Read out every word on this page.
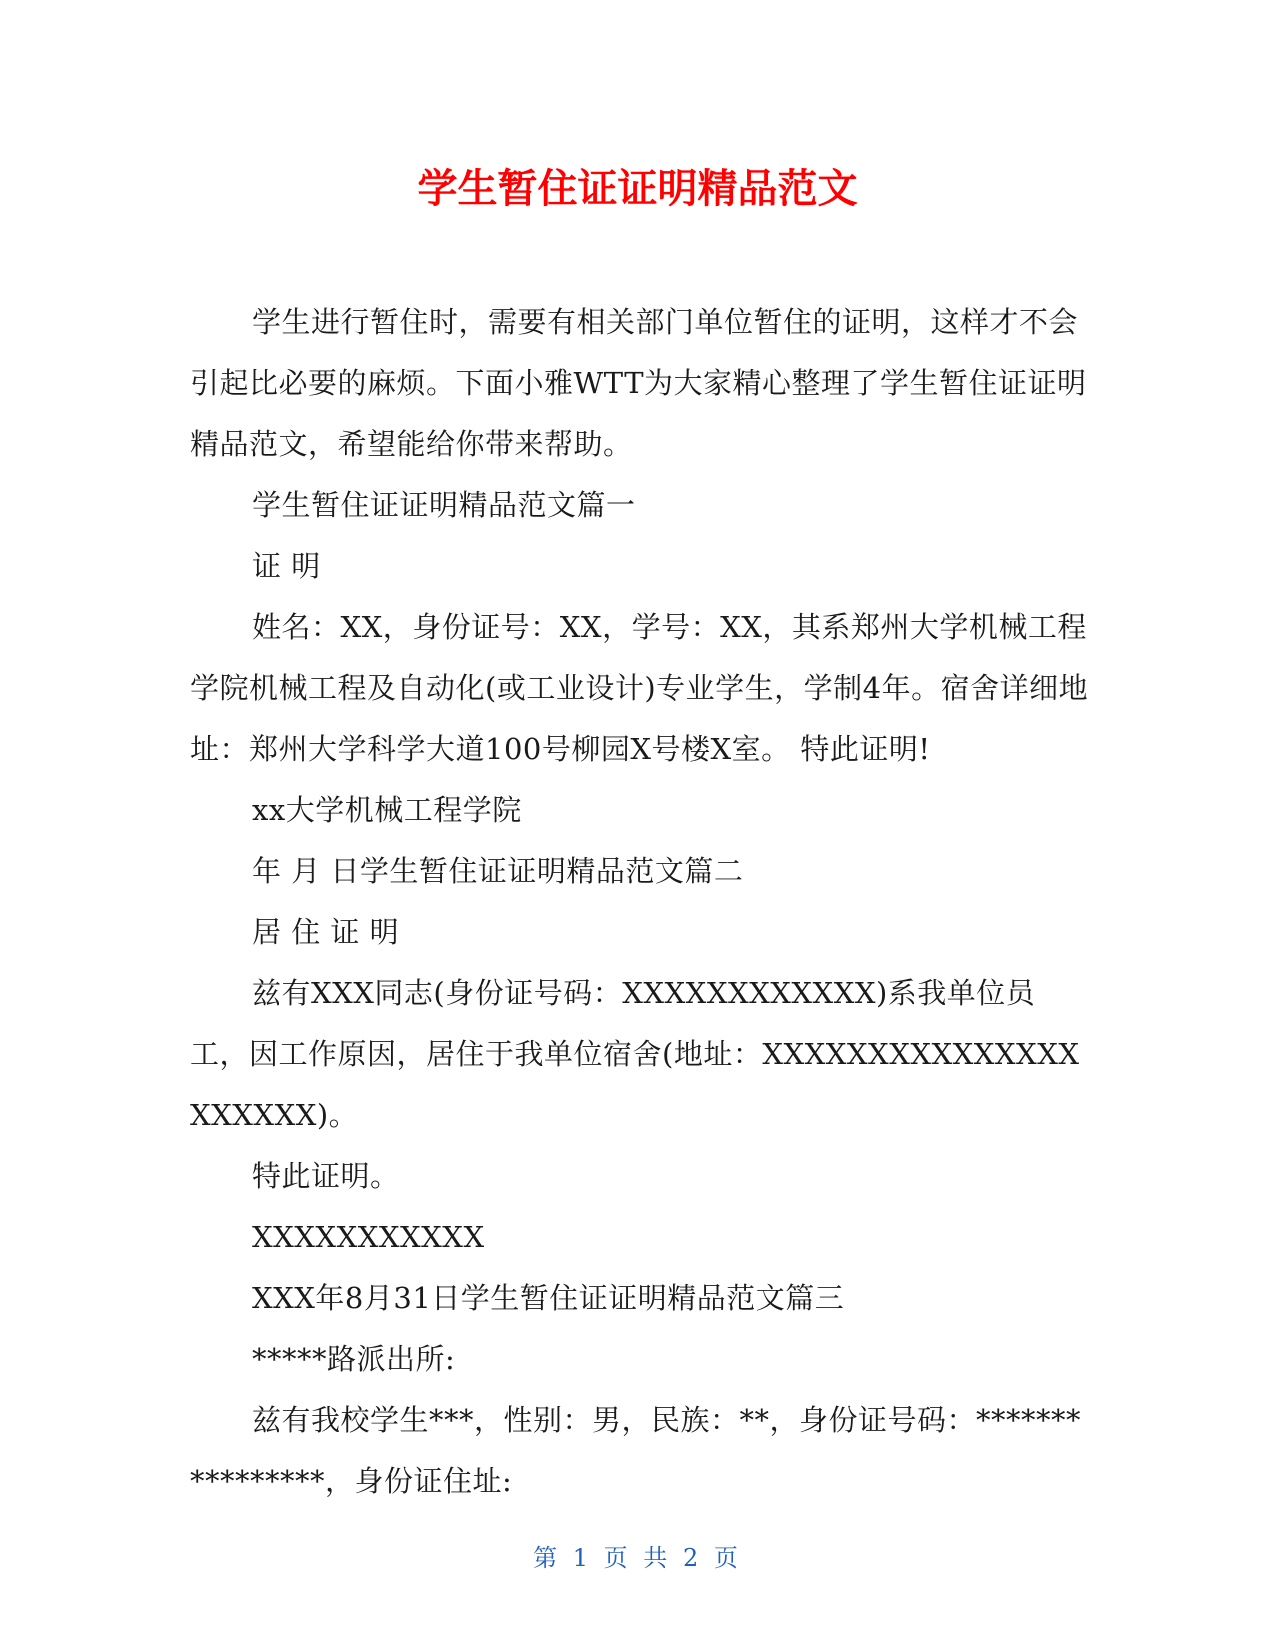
学生暂住证证明精品范文

学生进行暂住时，需要有相关部门单位暂住的证明，这样才不会引起比必要的麻烦。下面小雅WTT为大家精心整理了学生暂住证证明精品范文，希望能给你带来帮助。

学生暂住证证明精品范文篇一

证 明

姓名：XX，身份证号：XX，学号：XX，其系郑州大学机械工程学院机械工程及自动化(或工业设计)专业学生，学制4年。宿舍详细地址：郑州大学科学大道100号柳园X号楼X室。 特此证明!

xx大学机械工程学院

年 月 日学生暂住证证明精品范文篇二

居 住 证 明

兹有XXX同志(身份证号码：XXXXXXXXXXXX)系我单位员工，因工作原因，居住于我单位宿舍(地址：XXXXXXXXXXXXXXXXXXXXX)。

特此证明。

XXXXXXXXXXX

XXX年8月31日学生暂住证证明精品范文篇三

*****路派出所:

兹有我校学生***，性别：男，民族：**，身份证号码：****************，身份证住址:

第 1 页 共 2 页
